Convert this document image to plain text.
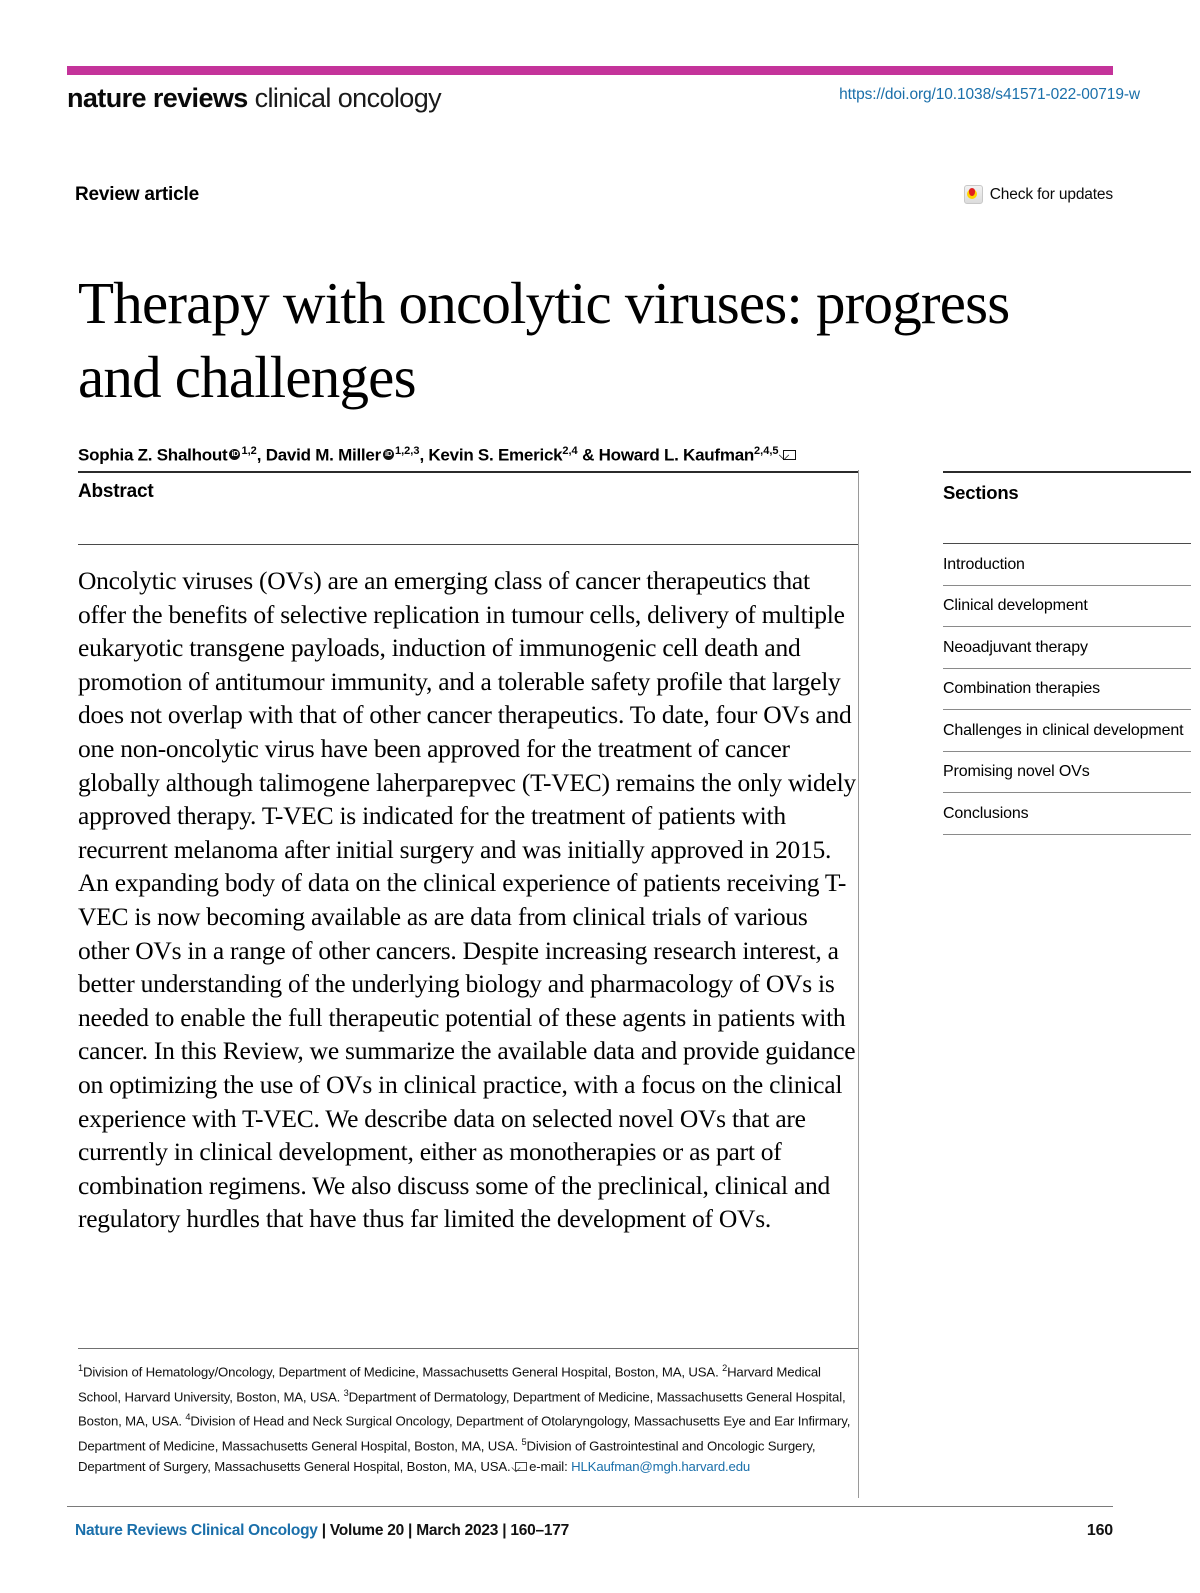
nature reviews clinical oncology	https://doi.org/10.1038/s41571-022-00719-w
Review article	Check for updates
Therapy with oncolytic viruses: progress and challenges
Sophia Z. Shalhout iD $^{1,2}$, David M. Miller iD $^{1,2,3}$, Kevin S. Emerick$^{2,4}$ & Howard L. Kaufman$^{2,4,5}$
Abstract

Oncolytic viruses (OVs) are an emerging class of cancer therapeutics that offer the benefits of selective replication in tumour cells, delivery of multiple eukaryotic transgene payloads, induction of immunogenic cell death and promotion of antitumour immunity, and a tolerable safety profile that largely does not overlap with that of other cancer therapeutics. To date, four OVs and one non-oncolytic virus have been approved for the treatment of cancer globally although talimogene laherparepvec (T-VEC) remains the only widely approved therapy. T-VEC is indicated for the treatment of patients with recurrent melanoma after initial surgery and was initially approved in 2015. An expanding body of data on the clinical experience of patients receiving T-VEC is now becoming available as are data from clinical trials of various other OVs in a range of other cancers. Despite increasing research interest, a better understanding of the underlying biology and pharmacology of OVs is needed to enable the full therapeutic potential of these agents in patients with cancer. In this Review, we summarize the available data and provide guidance on optimizing the use of OVs in clinical practice, with a focus on the clinical experience with T-VEC. We describe data on selected novel OVs that are currently in clinical development, either as monotherapies or as part of combination regimens. We also discuss some of the preclinical, clinical and regulatory hurdles that have thus far limited the development of OVs.

Sections
Introduction
Clinical development
Neoadjuvant therapy
Combination therapies
Challenges in clinical development
Promising novel OVs
Conclusions
$^1$Division of Hematology/Oncology, Department of Medicine, Massachusetts General Hospital, Boston, MA, USA. $^2$Harvard Medical School, Harvard University, Boston, MA, USA. $^3$Department of Dermatology, Department of Medicine, Massachusetts General Hospital, Boston, MA, USA. $^4$Division of Head and Neck Surgical Oncology, Department of Otolaryngology, Massachusetts Eye and Ear Infirmary, Department of Medicine, Massachusetts General Hospital, Boston, MA, USA. $^5$Division of Gastrointestinal and Oncologic Surgery, Department of Surgery, Massachusetts General Hospital, Boston, MA, USA. e-mail: HLKaufman@mgh.harvard.edu
Nature Reviews Clinical Oncology | Volume 20 | March 2023 | 160–177	160
